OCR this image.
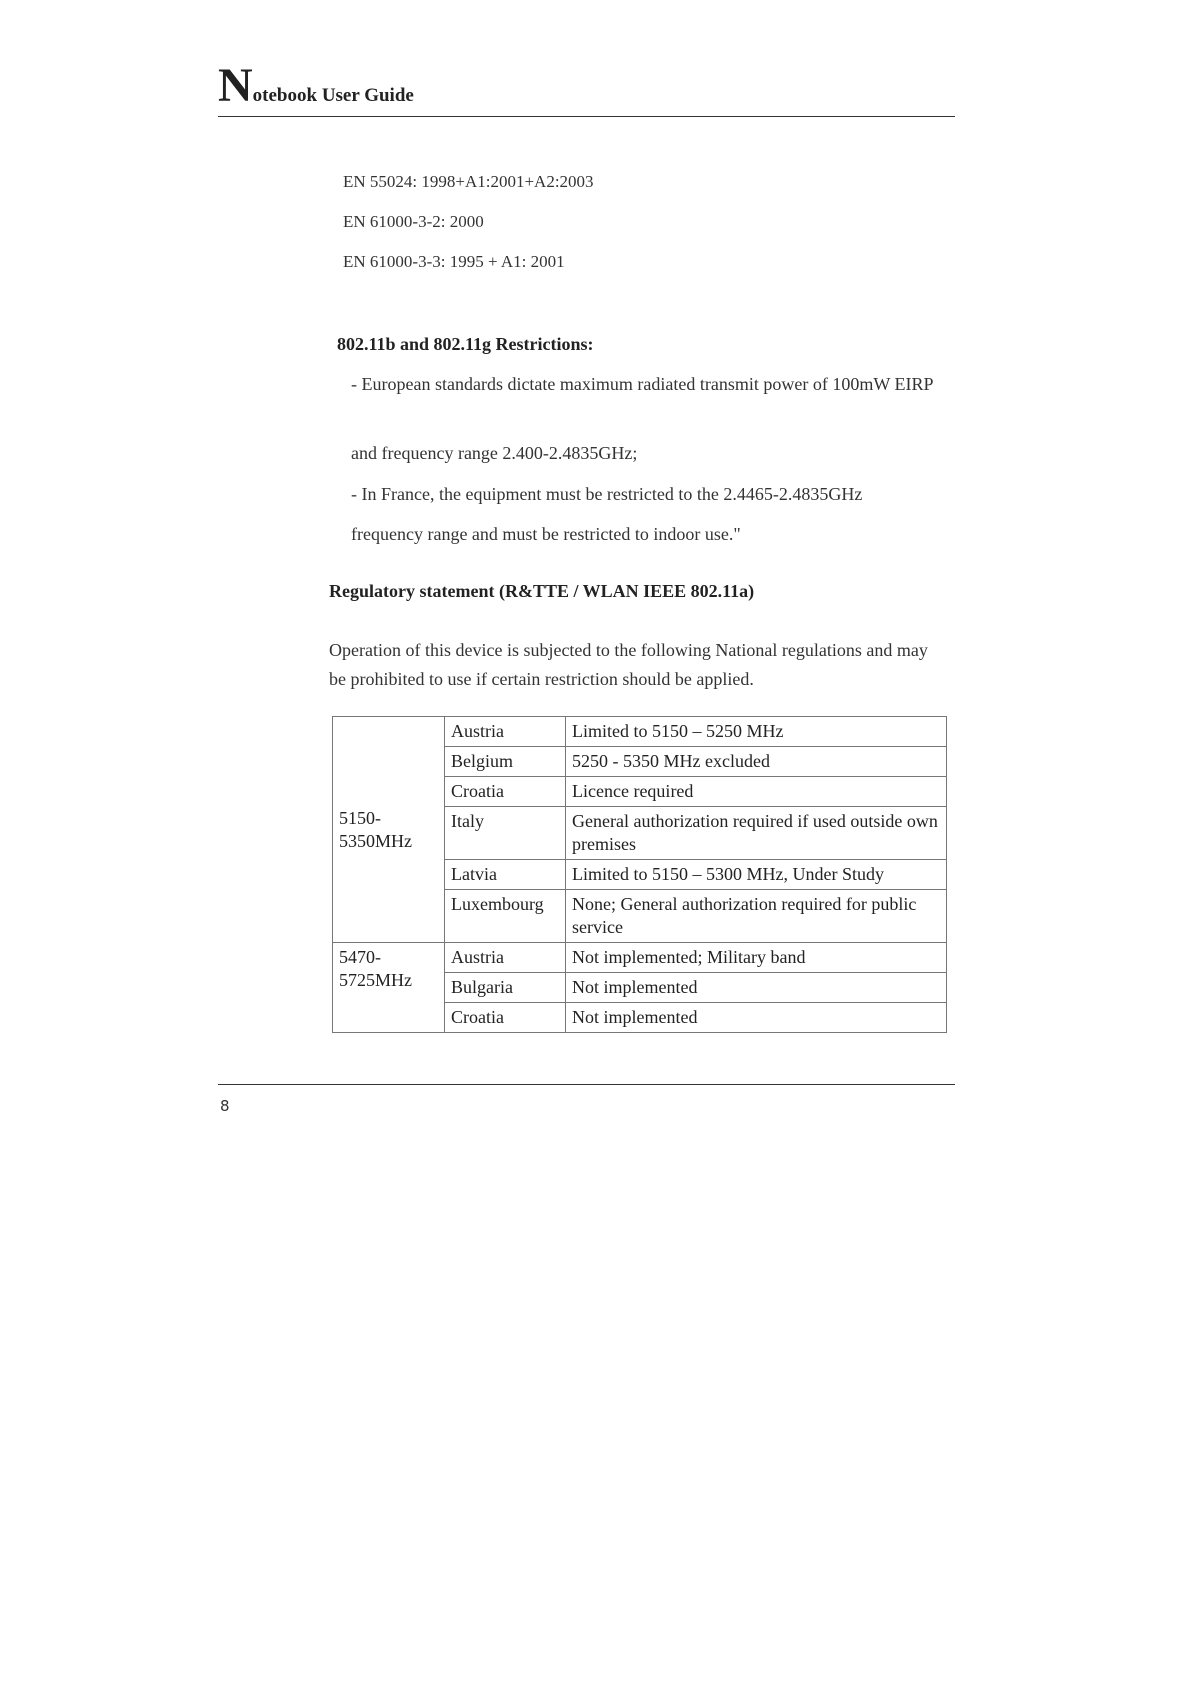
Notebook User Guide
EN 55024: 1998+A1:2001+A2:2003
EN 61000-3-2: 2000
EN 61000-3-3: 1995 + A1: 2001
802.11b and 802.11g Restrictions:
- European standards dictate maximum radiated transmit power of 100mW EIRP
and frequency range 2.400-2.4835GHz;
- In France, the equipment must be restricted to the 2.4465-2.4835GHz
frequency range and must be restricted to indoor use."
Regulatory statement (R&TTE / WLAN IEEE 802.11a)
Operation of this device is subjected to the following National regulations and may be prohibited to use if certain restriction should be applied.
5150-5350MHz	Austria	Limited to 5150 – 5250 MHz
	Belgium	5250 - 5350 MHz excluded
	Croatia	Licence required
	Italy	General authorization required if used outside own premises
	Latvia	Limited to 5150 – 5300 MHz, Under Study
	Luxembourg	None; General authorization required for public service
5470-5725MHz	Austria	Not implemented; Military band
	Bulgaria	Not implemented
	Croatia	Not implemented
8
